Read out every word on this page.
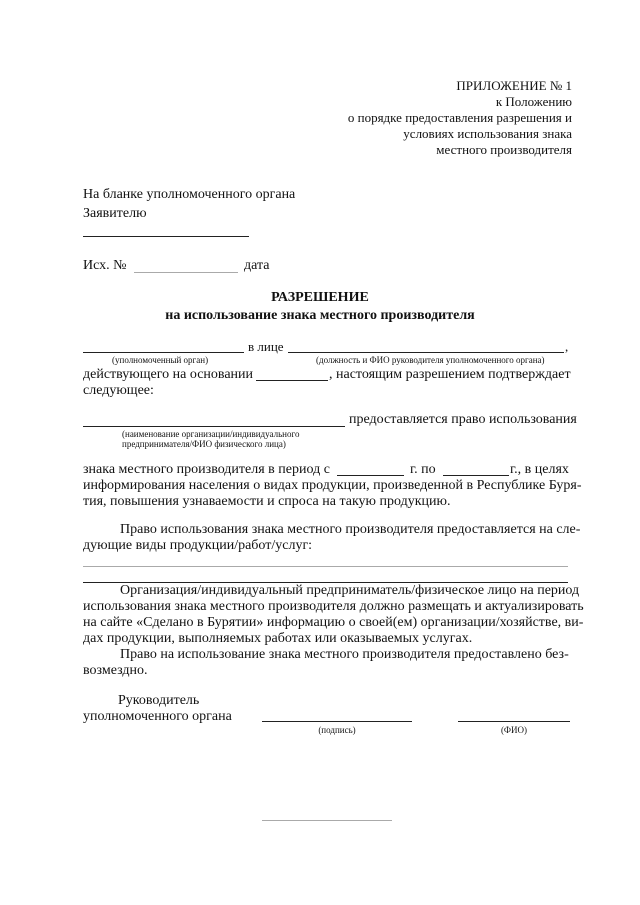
ПРИЛОЖЕНИЕ № 1
к Положению
о порядке предоставления разрешения и
условиях использования знака
местного производителя
На бланке уполномоченного органа
Заявителю
Исх. №	дата
РАЗРЕШЕНИЕ
на использование знака местного производителя
в лице	,
(уполномоченный орган)	(должность и ФИО руководителя уполномоченного органа)
действующего на основании	, настоящим разрешением подтверждает
следующее:
предоставляется право использования
(наименование организации/индивидуального
предпринимателя/ФИО физического лица)
знака местного производителя в период с	г. по	г., в целях
информирования населения о видах продукции, произведенной в Республике Буря-
тия, повышения узнаваемости и спроса на такую продукцию.
Право использования знака местного производителя предоставляется на сле-
дующие виды продукции/работ/услуг:
Организация/индивидуальный предприниматель/физическое лицо на период
использования знака местного производителя должно размещать и актуализировать
на сайте «Сделано в Бурятии» информацию о своей(ем) организации/хозяйстве, ви-
дах продукции, выполняемых работах или оказываемых услугах.
Право на использование знака местного производителя предоставлено без-
возмездно.
Руководитель
уполномоченного органа
(подпись)	(ФИО)
